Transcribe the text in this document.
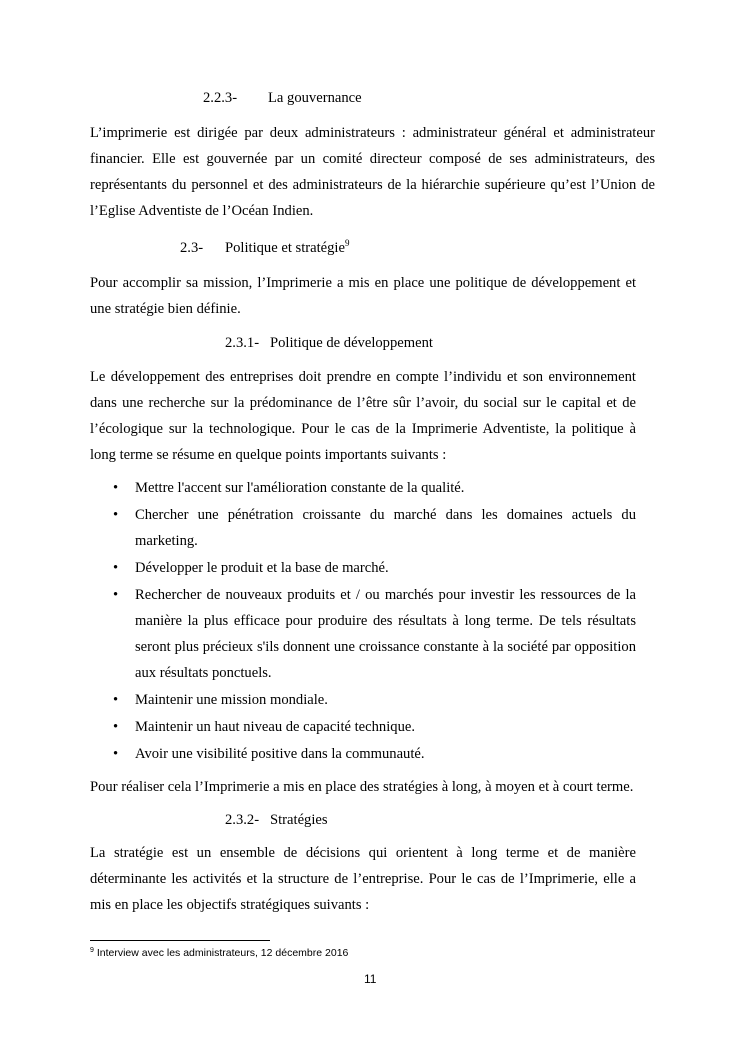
2.2.3- La gouvernance

L’imprimerie est dirigée par deux administrateurs : administrateur général et administrateur financier. Elle est gouvernée par un comité directeur composé de ses administrateurs, des représentants du personnel et des administrateurs de la hiérarchie supérieure qu’est l’Union de l’Eglise Adventiste de l’Océan Indien.

2.3- Politique et stratégie$^9$

Pour accomplir sa mission, l’Imprimerie a mis en place une politique de développement et une stratégie bien définie.

2.3.1- Politique de développement

Le développement des entreprises doit prendre en compte l’individu et son environnement dans une recherche sur la prédominance de l’être sûr l’avoir, du social sur le capital et de l’écologique sur la technologique. Pour le cas de la Imprimerie Adventiste, la politique à long terme se résume en quelque points importants suivants :

• Mettre l'accent sur l'amélioration constante de la qualité.
• Chercher une pénétration croissante du marché dans les domaines actuels du marketing.
• Développer le produit et la base de marché.
• Rechercher de nouveaux produits et / ou marchés pour investir les ressources de la manière la plus efficace pour produire des résultats à long terme. De tels résultats seront plus précieux s'ils donnent une croissance constante à la société par opposition aux résultats ponctuels.
• Maintenir une mission mondiale.
• Maintenir un haut niveau de capacité technique.
• Avoir une visibilité positive dans la communauté.

Pour réaliser cela l’Imprimerie a mis en place des stratégies à long, à moyen et à court terme.

2.3.2- Stratégies

La stratégie est un ensemble de décisions qui orientent à long terme et de manière déterminante les activités et la structure de l’entreprise. Pour le cas de l’Imprimerie, elle a mis en place les objectifs stratégiques suivants :

$^9$ Interview avec les administrateurs, 12 décembre 2016
11
